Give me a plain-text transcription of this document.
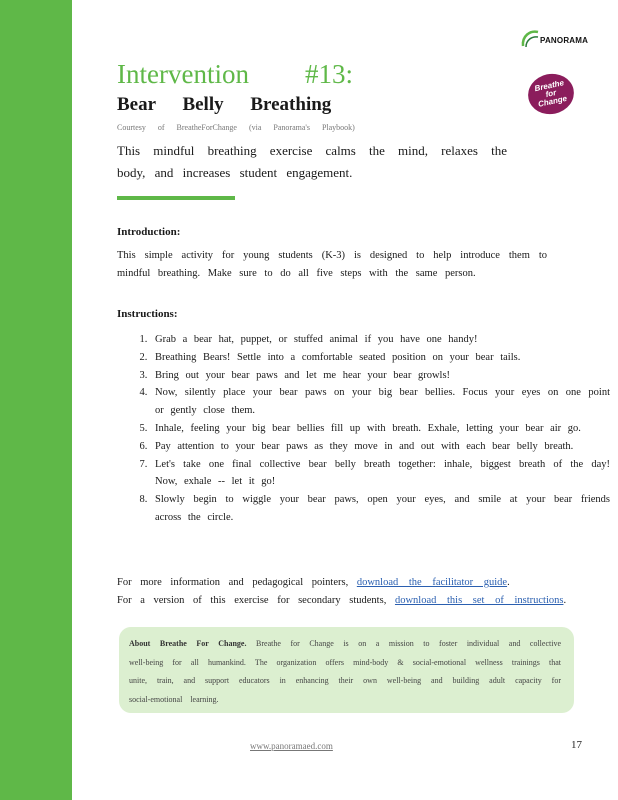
PANORAMA
Breathe
for
Change
Intervention #13:
Bear Belly Breathing
Courtesy of BreatheForChange (via Panorama's Playbook)
This mindful breathing exercise calms the mind, relaxes the body, and increases student engagement.
Introduction:
This simple activity for young students (K-3) is designed to help introduce them to mindful breathing. Make sure to do all five steps with the same person.
Instructions:
1. Grab a bear hat, puppet, or stuffed animal if you have one handy!
2. Breathing Bears! Settle into a comfortable seated position on your bear tails.
3. Bring out your bear paws and let me hear your bear growls!
4. Now, silently place your bear paws on your big bear bellies. Focus your eyes on one point or gently close them.
5. Inhale, feeling your big bear bellies fill up with breath. Exhale, letting your bear air go.
6. Pay attention to your bear paws as they move in and out with each bear belly breath.
7. Let's take one final collective bear belly breath together: inhale, biggest breath of the day! Now, exhale -- let it go!
8. Slowly begin to wiggle your bear paws, open your eyes, and smile at your bear friends across the circle.
For more information and pedagogical pointers, download the facilitator guide.
For a version of this exercise for secondary students, download this set of instructions.
About Breathe For Change. Breathe for Change is on a mission to foster individual and collective well-being for all humankind. The organization offers mind-body & social-emotional wellness trainings that unite, train, and support educators in enhancing their own well-being and building adult capacity for social-emotional learning.
www.panoramaed.com	17
